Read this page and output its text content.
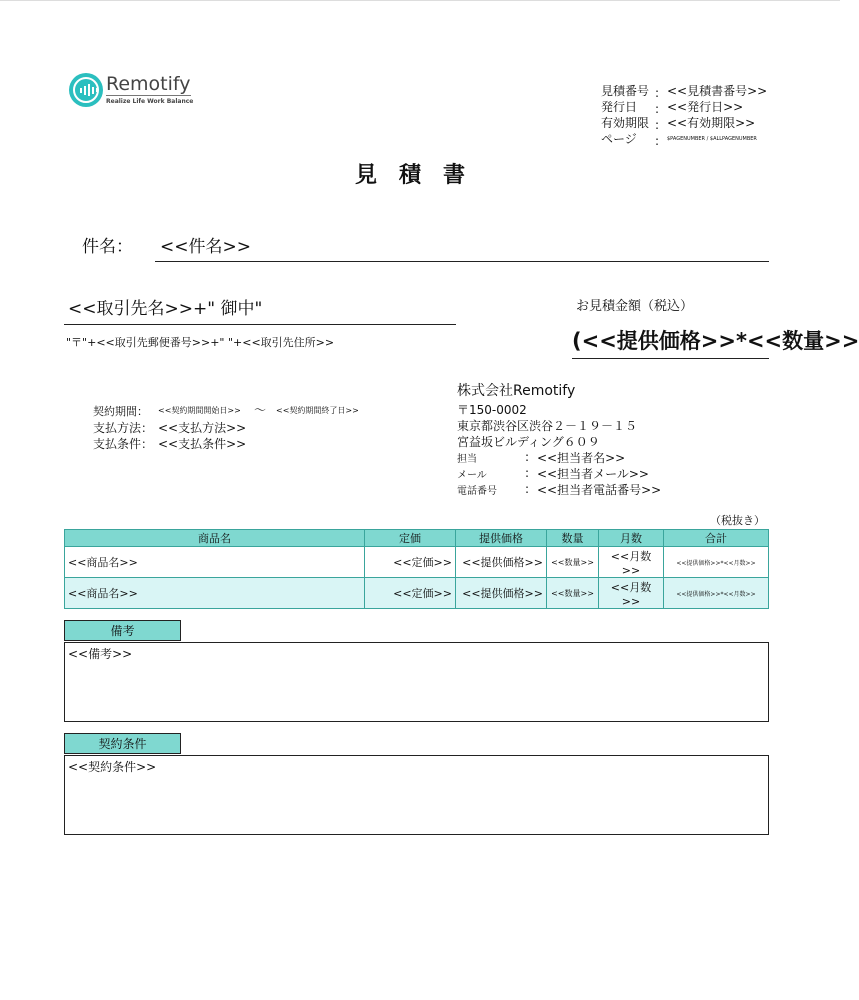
Remotify
Realize Life Work Balance
見積番号 : <<見積書番号>>
発行日 : <<発行日>>
有効期限 : <<有効期限>>
ページ : $PAGENUMBER / $ALLPAGENUMBER
見　積　書
件名： <<件名>>
<<取引先名>>+" 御中"
"〒"+<<取引先郵便番号>>+" "+<<取引先住所>>
お見積金額（税込）
(<<提供価格>>*<<数量>>
契約期間： <<契約期間開始日>> 〜 <<契約期間終了日>>
支払方法： <<支払方法>>
支払条件： <<支払条件>>
株式会社Remotify
〒150-0002
東京都渋谷区渋谷２－１９－１５
宮益坂ビルディング６０９
担当	: <<担当者名>>
メール	: <<担当者メール>>
電話番号 : <<担当者電話番号>>
（税抜き）
商品名	定価	提供価格	数量	月数	合計
<<商品名>>	<<定価>>	<<提供価格>>	<<数量>>	<<月数>>	<<提供価格>>*<<月数>>
<<商品名>>	<<定価>>	<<提供価格>>	<<数量>>	<<月数>>	<<提供価格>>*<<月数>>
備考
<<備考>>
契約条件
<<契約条件>>
